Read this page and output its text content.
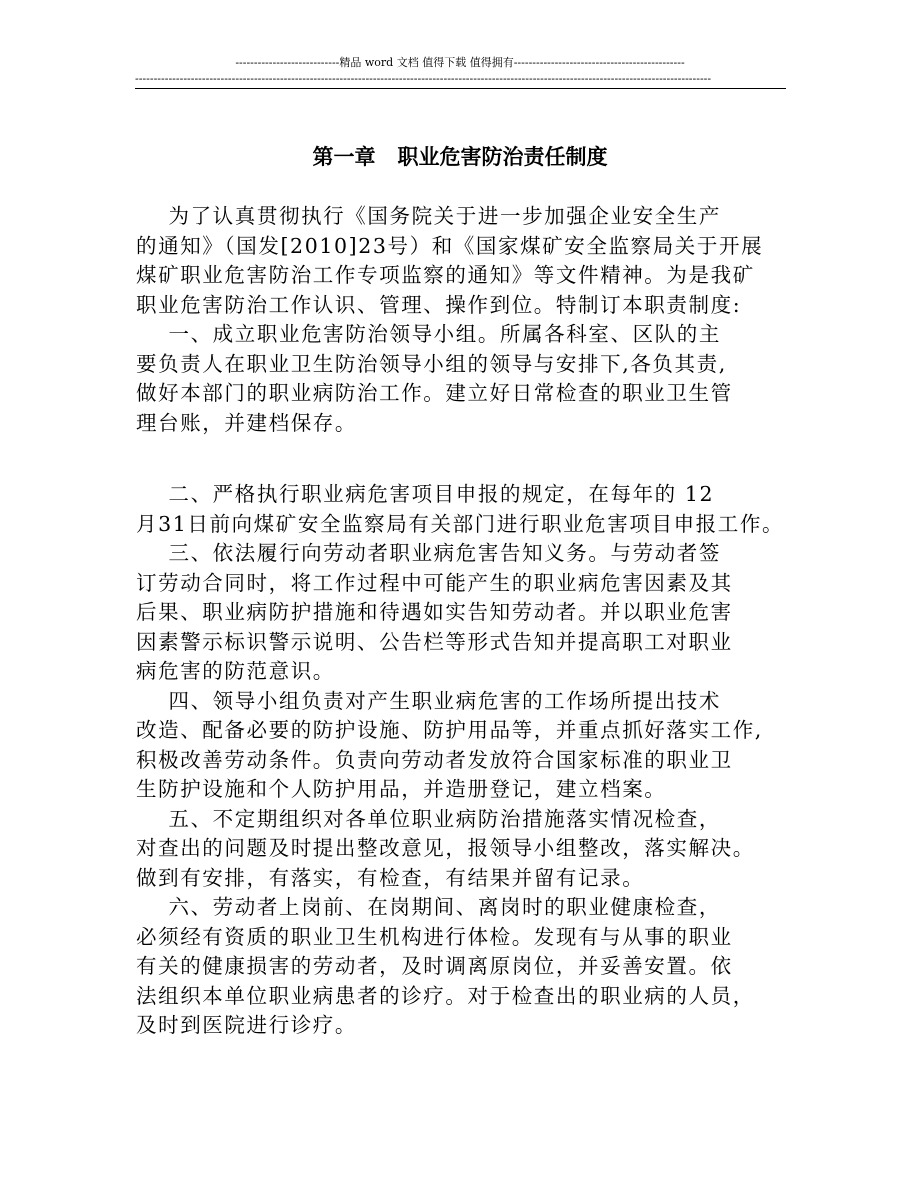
----------------------------精品 word 文档 值得下载 值得拥有----------------------------------------------
-----------------------------------------------------------------------------------------------------------------------------------------------------------
第一章   职业危害防治责任制度
为了认真贯彻执行《国务院关于进一步加强企业安全生产
的通知》（国发[2010]23号）和《国家煤矿安全监察局关于开展
煤矿职业危害防治工作专项监察的通知》等文件精神。为是我矿
职业危害防治工作认识、管理、操作到位。特制订本职责制度:
一、成立职业危害防治领导小组。所属各科室、区队的主
要负责人在职业卫生防治领导小组的领导与安排下,各负其责,
做好本部门的职业病防治工作。建立好日常检查的职业卫生管
理台账，并建档保存。
二、严格执行职业病危害项目申报的规定，在每年的 12
月31日前向煤矿安全监察局有关部门进行职业危害项目申报工作。
三、依法履行向劳动者职业病危害告知义务。与劳动者签
订劳动合同时，将工作过程中可能产生的职业病危害因素及其
后果、职业病防护措施和待遇如实告知劳动者。并以职业危害
因素警示标识警示说明、公告栏等形式告知并提高职工对职业
病危害的防范意识。
四、领导小组负责对产生职业病危害的工作场所提出技术
改造、配备必要的防护设施、防护用品等，并重点抓好落实工作,
积极改善劳动条件。负责向劳动者发放符合国家标准的职业卫
生防护设施和个人防护用品，并造册登记，建立档案。
五、不定期组织对各单位职业病防治措施落实情况检查，
对查出的问题及时提出整改意见，报领导小组整改，落实解决。
做到有安排，有落实，有检查，有结果并留有记录。
六、劳动者上岗前、在岗期间、离岗时的职业健康检查，
必须经有资质的职业卫生机构进行体检。发现有与从事的职业
有关的健康损害的劳动者，及时调离原岗位，并妥善安置。依
法组织本单位职业病患者的诊疗。对于检查出的职业病的人员，
及时到医院进行诊疗。
